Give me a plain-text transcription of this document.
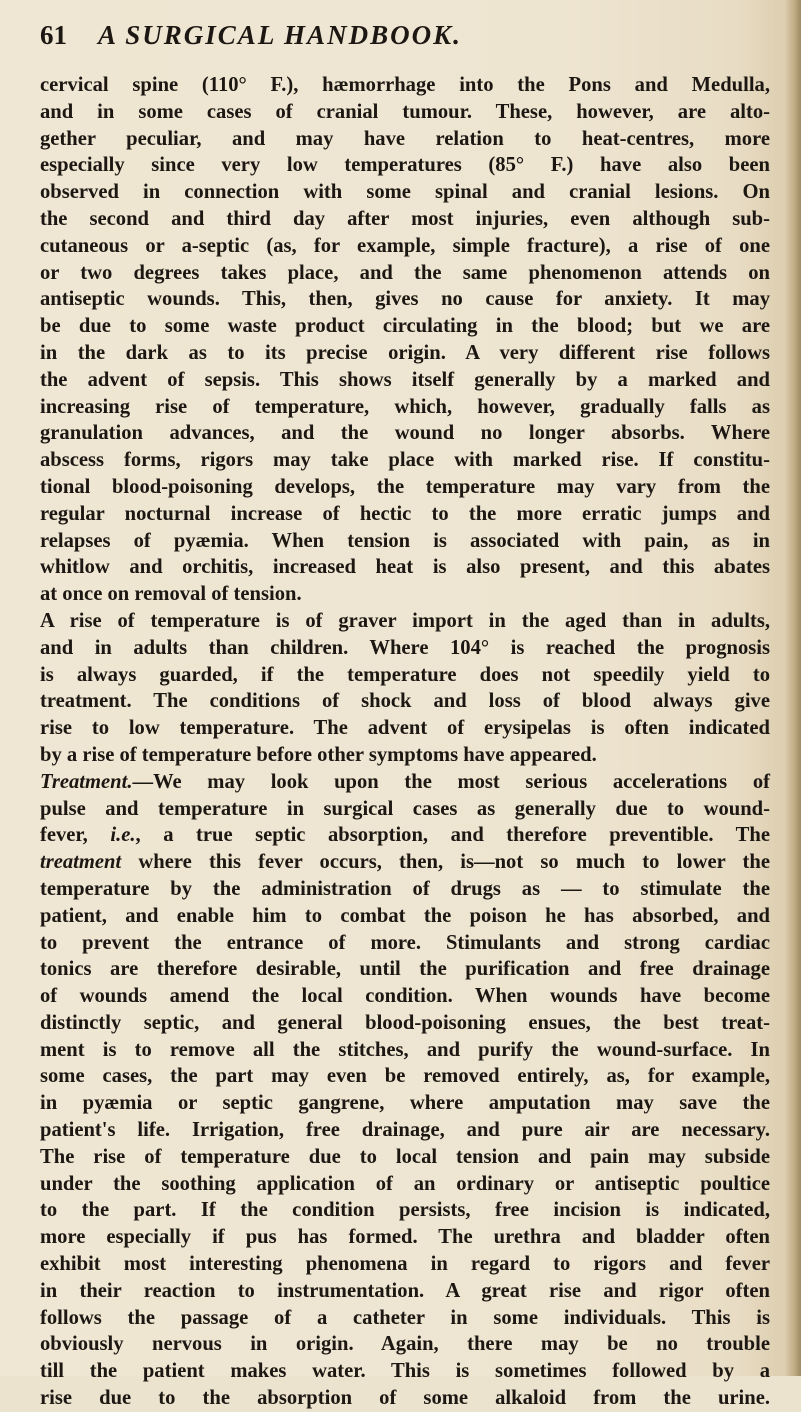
61 A SURGICAL HANDBOOK.
cervical spine (110° F.), hæmorrhage into the Pons and Medulla,
and in some cases of cranial tumour. These, however, are alto-
gether peculiar, and may have relation to heat-centres, more
especially since very low temperatures (85° F.) have also been
observed in connection with some spinal and cranial lesions. On
the second and third day after most injuries, even although sub-
cutaneous or a-septic (as, for example, simple fracture), a rise of one
or two degrees takes place, and the same phenomenon attends on
antiseptic wounds. This, then, gives no cause for anxiety. It may
be due to some waste product circulating in the blood; but we are
in the dark as to its precise origin. A very different rise follows
the advent of sepsis. This shows itself generally by a marked and
increasing rise of temperature, which, however, gradually falls as
granulation advances, and the wound no longer absorbs. Where
abscess forms, rigors may take place with marked rise. If constitu-
tional blood-poisoning develops, the temperature may vary from the
regular nocturnal increase of hectic to the more erratic jumps and
relapses of pyæmia. When tension is associated with pain, as in
whitlow and orchitis, increased heat is also present, and this abates
at once on removal of tension.
A rise of temperature is of graver import in the aged than in adults,
and in adults than children. Where 104° is reached the prognosis
is always guarded, if the temperature does not speedily yield to
treatment. The conditions of shock and loss of blood always give
rise to low temperature. The advent of erysipelas is often indicated
by a rise of temperature before other symptoms have appeared.
Treatment.—We may look upon the most serious accelerations of
pulse and temperature in surgical cases as generally due to wound-
fever, i.e., a true septic absorption, and therefore preventible. The
treatment where this fever occurs, then, is—not so much to lower the
temperature by the administration of drugs as — to stimulate the
patient, and enable him to combat the poison he has absorbed, and
to prevent the entrance of more. Stimulants and strong cardiac
tonics are therefore desirable, until the purification and free drainage
of wounds amend the local condition. When wounds have become
distinctly septic, and general blood-poisoning ensues, the best treat-
ment is to remove all the stitches, and purify the wound-surface. In
some cases, the part may even be removed entirely, as, for example,
in pyæmia or septic gangrene, where amputation may save the
patient's life. Irrigation, free drainage, and pure air are necessary.
The rise of temperature due to local tension and pain may subside
under the soothing application of an ordinary or antiseptic poultice
to the part. If the condition persists, free incision is indicated,
more especially if pus has formed. The urethra and bladder often
exhibit most interesting phenomena in regard to rigors and fever
in their reaction to instrumentation. A great rise and rigor often
follows the passage of a catheter in some individuals. This is
obviously nervous in origin. Again, there may be no trouble
till the patient makes water. This is sometimes followed by a
rise due to the absorption of some alkaloid from the urine.
